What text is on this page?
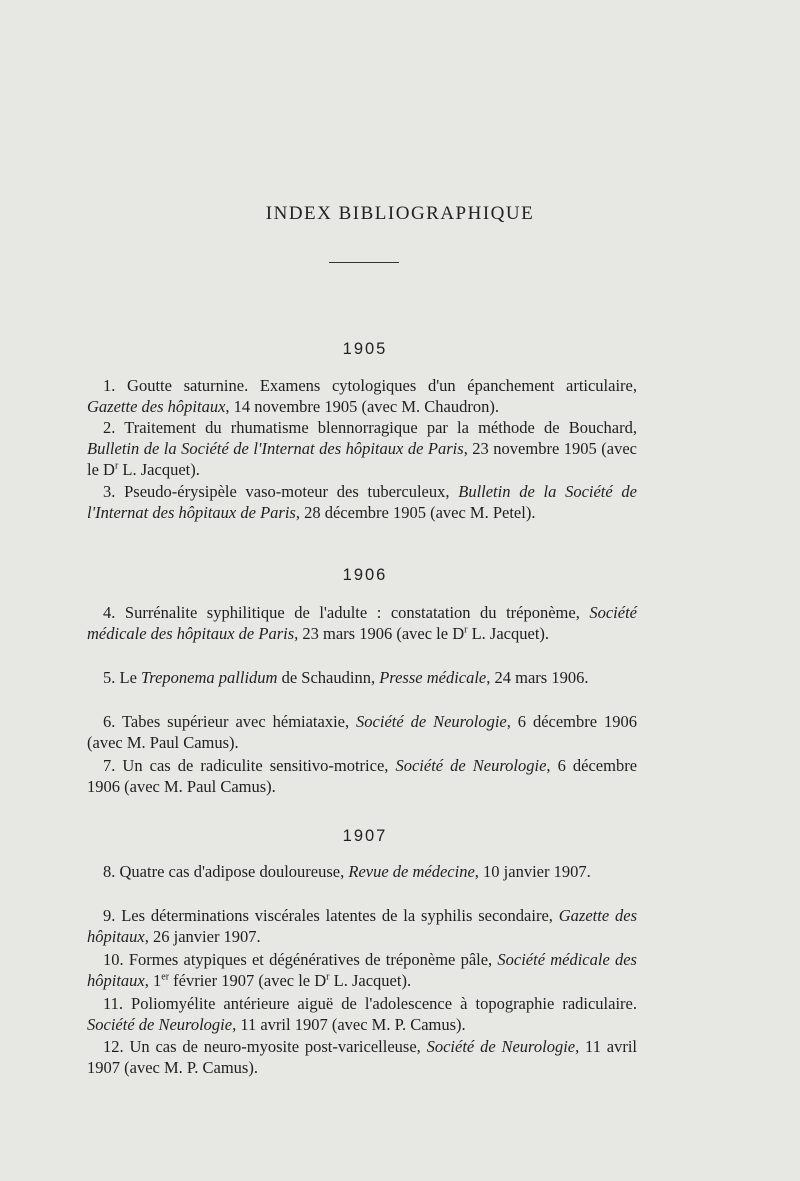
INDEX BIBLIOGRAPHIQUE
1905

1. Goutte saturnine. Examens cytologiques d'un épanchement articulaire, Gazette des hôpitaux, 14 novembre 1905 (avec M. Chaudron).

2. Traitement du rhumatisme blennorragique par la méthode de Bouchard, Bulletin de la Société de l'Internat des hôpitaux de Paris, 23 novembre 1905 (avec le $D^r$ L. Jacquet).

3. Pseudo-érysipèle vaso-moteur des tuberculeux, Bulletin de la Société de l'Internat des hôpitaux de Paris, 28 décembre 1905 (avec M. Petel).

1906

4. Surrénalite syphilitique de l'adulte : constatation du tréponème, Société médicale des hôpitaux de Paris, 23 mars 1906 (avec le $D^r$ L. Jacquet).

5. Le Treponema pallidum de Schaudinn, Presse médicale, 24 mars 1906.

6. Tabes supérieur avec hémiataxie, Société de Neurologie, 6 décembre 1906 (avec M. Paul Camus).

7. Un cas de radiculite sensitivo-motrice, Société de Neurologie, 6 décembre 1906 (avec M. Paul Camus).

1907

8. Quatre cas d'adipose douloureuse, Revue de médecine, 10 janvier 1907.

9. Les déterminations viscérales latentes de la syphilis secondaire, Gazette des hôpitaux, 26 janvier 1907.

10. Formes atypiques et dégénératives de tréponème pâle, Société médicale des hôpitaux, 1er février 1907 (avec le $D^r$ L. Jacquet).

11. Poliomyélite antérieure aiguë de l'adolescence à topographie radiculaire. Société de Neurologie, 11 avril 1907 (avec M. P. Camus).

12. Un cas de neuro-myosite post-varicelleuse, Société de Neurologie, 11 avril 1907 (avec M. P. Camus).
